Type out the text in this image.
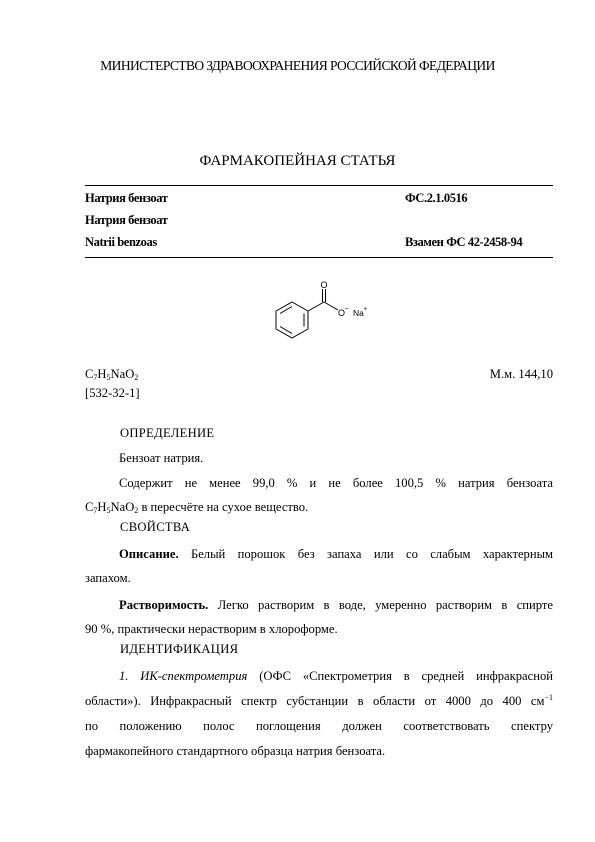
МИНИСТЕРСТВО ЗДРАВООХРАНЕНИЯ РОССИЙСКОЙ ФЕДЕРАЦИИ
ФАРМАКОПЕЙНАЯ СТАТЬЯ
Натрия бензоат	ФС.2.1.0516
Натрия бензоат
Natrii benzoas	Взамен ФС 42-2458-94
O
O − Na +
$C_7H_5NaO_2$	М.м. 144,10
[532-32-1]
ОПРЕДЕЛЕНИЕ
Бензоат натрия.
Содержит не менее 99,0 % и не более 100,5 % натрия бензоата
$C_7H_5NaO_2$ в пересчёте на сухое вещество.
СВОЙСТВА
Описание. Белый порошок без запаха или со слабым характерным
запахом.
Растворимость. Легко растворим в воде, умеренно растворим в спирте
90 %, практически нерастворим в хлороформе.
ИДЕНТИФИКАЦИЯ
1. ИК-спектрометрия (ОФС «Спектрометрия в средней инфракрасной
области»). Инфракрасный спектр субстанции в области от 4000 до 400 $см^{-1}$
по положению полос поглощения должен соответствовать спектру
фармакопейного стандартного образца натрия бензоата.
